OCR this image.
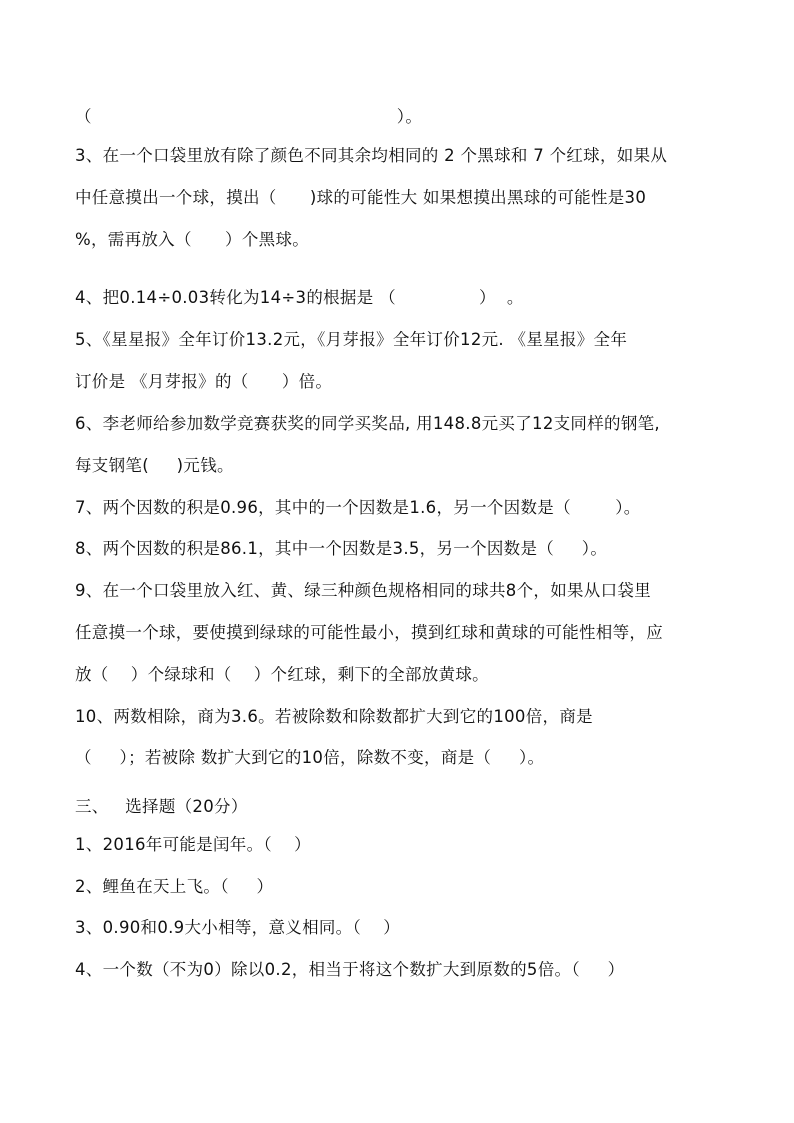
（                                                       ）。
3、在一个口袋里放有除了颜色不同其余均相同的 2 个黑球和 7 个红球，如果从
中任意摸出一个球，摸出（      )球的可能性大 如果想摸出黑球的可能性是30
%，需再放入（      ）个黑球。
4、把0.14÷0.03转化为14÷3的根据是 （               ）  。
5、《星星报》全年订价13.2元，《月芽报》全年订价12元. 《星星报》全年
订价是 《月芽报》的（      ）倍。
6、李老师给参加数学竞赛获奖的同学买奖品, 用148.8元买了12支同样的钢笔,
每支钢笔(     )元钱。
7、两个因数的积是0.96，其中的一个因数是1.6，另一个因数是（        ）。
8、两个因数的积是86.1，其中一个因数是3.5，另一个因数是（     ）。
9、在一个口袋里放入红、黄、绿三种颜色规格相同的球共8个，如果从口袋里
任意摸一个球，要使摸到绿球的可能性最小，摸到红球和黄球的可能性相等，应
放（    ）个绿球和（    ）个红球，剩下的全部放黄球。
10、两数相除，商为3.6。若被除数和除数都扩大到它的100倍，商是
（     ）；若被除 数扩大到它的10倍，除数不变，商是（     ）。
三、   选择题（20分）
1、2016年可能是闰年。（    ）
2、鲤鱼在天上飞。（     ）
3、0.90和0.9大小相等，意义相同。（    ）
4、一个数（不为0）除以0.2，相当于将这个数扩大到原数的5倍。（     ）
